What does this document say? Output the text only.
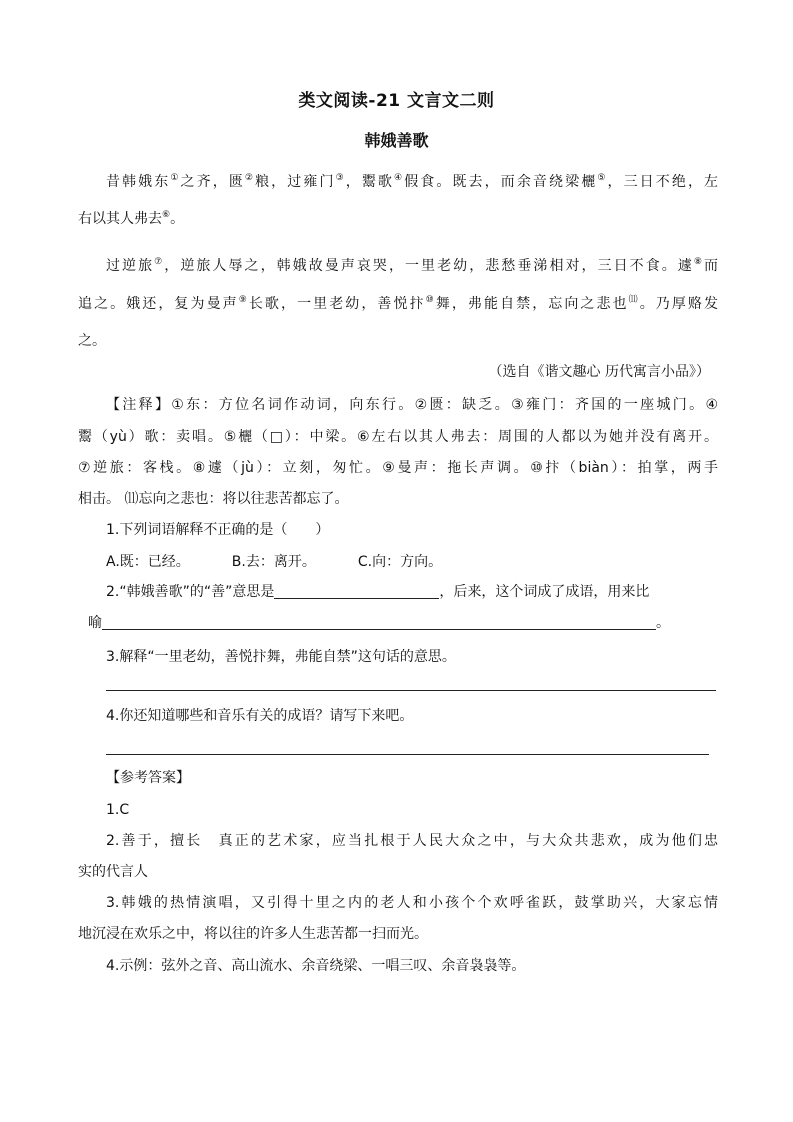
类文阅读-21 文言文二则
韩娥善歌
昔韩娥东①之齐，匮②粮，过雍门③，鬻歌④假食。既去，而余音绕梁欐⑤，三日不绝，左
右以其人弗去⑥。
过逆旅⑦，逆旅人辱之，韩娥故曼声哀哭，一里老幼，悲愁垂涕相对，三日不食。遽⑧而
追之。娥还，复为曼声⑨长歌，一里老幼，善悦抃⑩舞，弗能自禁，忘向之悲也⑾。乃厚赂发
之。
（选自《谐文趣心 历代寓言小品》）
【注释】①东：方位名词作动词，向东行。②匮：缺乏。③雍门：齐国的一座城门。④
鬻（yù）歌：卖唱。⑤欐（□）：中梁。⑥左右以其人弗去：周围的人都以为她并没有离开。
⑦逆旅：客栈。⑧遽（jù）：立刻，匆忙。⑨曼声：拖长声调。⑩抃（biàn）：拍掌，两手
相击。 ⑾忘向之悲也：将以往悲苦都忘了。
1.下列词语解释不正确的是（　　）
A.既：已经。	B.去：离开。	C.向：方向。
2.“韩娥善歌”的“善”意思是	，后来，这个词成了成语，用来比
喻	。
3.解释“一里老幼，善悦抃舞，弗能自禁”这句话的意思。
4.你还知道哪些和音乐有关的成语？请写下来吧。
【参考答案】
1.C
2.善于，擅长　真正的艺术家，应当扎根于人民大众之中，与大众共悲欢，成为他们忠
实的代言人
3.韩娥的热情演唱，又引得十里之内的老人和小孩个个欢呼雀跃，鼓掌助兴，大家忘情
地沉浸在欢乐之中，将以往的许多人生悲苦都一扫而光。
4.示例：弦外之音、高山流水、余音绕梁、一唱三叹、余音袅袅等。
